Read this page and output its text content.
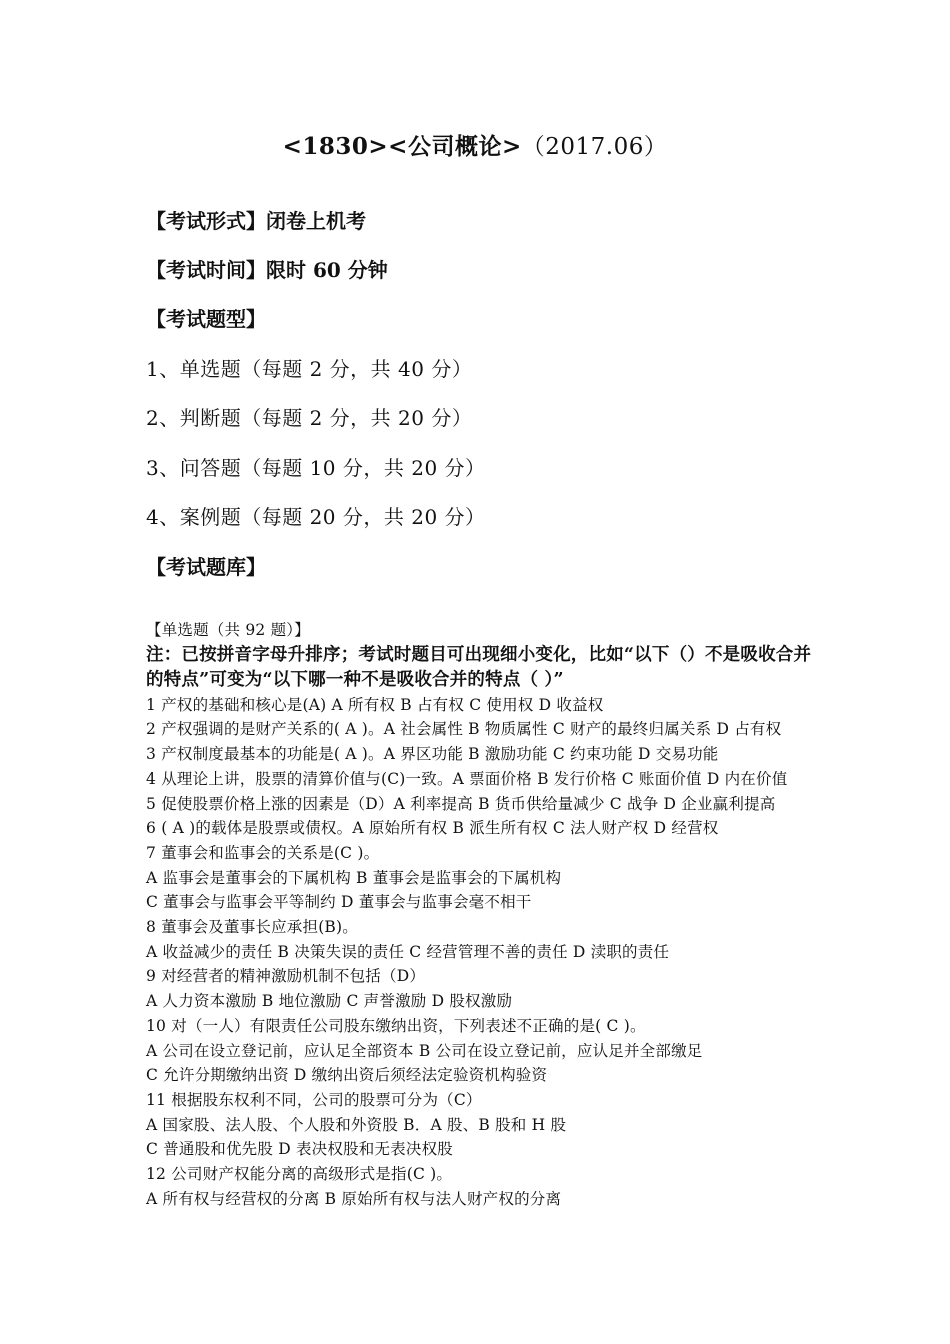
<1830><公司概论>（2017.06）
【考试形式】闭卷上机考
【考试时间】限时 60 分钟
【考试题型】
1、单选题（每题 2 分，共 40 分）
2、判断题（每题 2 分，共 20 分）
3、问答题（每题 10 分，共 20 分）
4、案例题（每题 20 分，共 20 分）
【考试题库】
【单选题（共 92 题）】
注：已按拼音字母升排序；考试时题目可出现细小变化，比如“以下（）不是吸收合并的特点”可变为“以下哪一种不是吸收合并的特点（ ）”
1 产权的基础和核心是(A) A 所有权 B 占有权 C 使用权 D 收益权
2 产权强调的是财产关系的( A )。A 社会属性 B 物质属性 C 财产的最终归属关系 D 占有权
3 产权制度最基本的功能是( A )。A 界区功能 B 激励功能 C 约束功能 D 交易功能
4 从理论上讲，股票的清算价值与(C)一致。A 票面价格 B 发行价格 C 账面价值 D 内在价值
5 促使股票价格上涨的因素是（D）A 利率提高 B 货币供给量减少 C 战争 D 企业赢利提高
6 ( A )的载体是股票或债权。A 原始所有权 B 派生所有权 C 法人财产权 D 经营权
7 董事会和监事会的关系是(C )。
A 监事会是董事会的下属机构 B 董事会是监事会的下属机构
C 董事会与监事会平等制约 D 董事会与监事会毫不相干
8 董事会及董事长应承担(B)。
A 收益减少的责任 B 决策失误的责任 C 经营管理不善的责任 D 渎职的责任
9 对经营者的精神激励机制不包括（D）
A 人力资本激励 B 地位激励 C 声誉激励 D 股权激励
10 对（一人）有限责任公司股东缴纳出资，下列表述不正确的是( C )。
A 公司在设立登记前，应认足全部资本 B 公司在设立登记前，应认足并全部缴足
C 允许分期缴纳出资 D 缴纳出资后须经法定验资机构验资
11 根据股东权利不同，公司的股票可分为（C）
A 国家股、法人股、个人股和外资股 B．A 股、B 股和 H 股
C 普通股和优先股 D 表决权股和无表决权股
12 公司财产权能分离的高级形式是指(C )。
A 所有权与经营权的分离 B 原始所有权与法人财产权的分离
